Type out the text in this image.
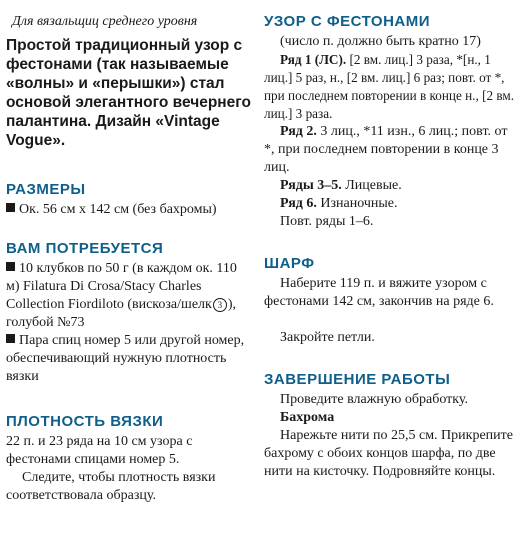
Для вязальщиц среднего уровня

Простой традиционный узор с фестонами (так называемые «волны» и «перышки») стал основой элегантного вечернего палантина. Дизайн «Vintage Vogue».

РАЗМЕРЫ
Ок. 56 см х 142 см (без бахромы)
ВАМ ПОТРЕБУЕТСЯ
10 клубков по 50 г (в каждом ок. 110 м) Filatura Di Crosa/Stacy Charles Collection Fiordiloto (вискоза/шелк 3 ), голубой №73
Пара спиц номер 5 или другой номер, обеспечивающий нужную плотность вязки
ПЛОТНОСТЬ ВЯЗКИ

22 п. и 23 ряда на 10 см узора с фестонами спицами номер 5.

Следите, чтобы плотность вязки соответствовала образцу.

УЗОР С ФЕСТОНАМИ

(число п. должно быть кратно 17)

Ряд 1 (ЛС). [2 вм. лиц.] 3 раза, *[н., 1 лиц.] 5 раз, н., [2 вм. лиц.] 6 раз; повт. от *, при последнем повторении в конце н., [2 вм. лиц.] 3 раза.

Ряд 2. 3 лиц., *11 изн., 6 лиц.; повт. от *, при последнем повторении в конце 3 лиц.

Ряды 3–5. Лицевые.

Ряд 6. Изнаночные.

Повт. ряды 1–6.

ШАРФ

Наберите 119 п. и вяжите узором с фестонами 142 см, закончив на ряде 6.

Закройте петли.

ЗАВЕРШЕНИЕ РАБОТЫ

Проведите влажную обработку.

Бахрома

Нарежьте нити по 25,5 см. Прикрепите бахрому с обоих концов шарфа, по две нити на кисточку. Подровняйте концы.
